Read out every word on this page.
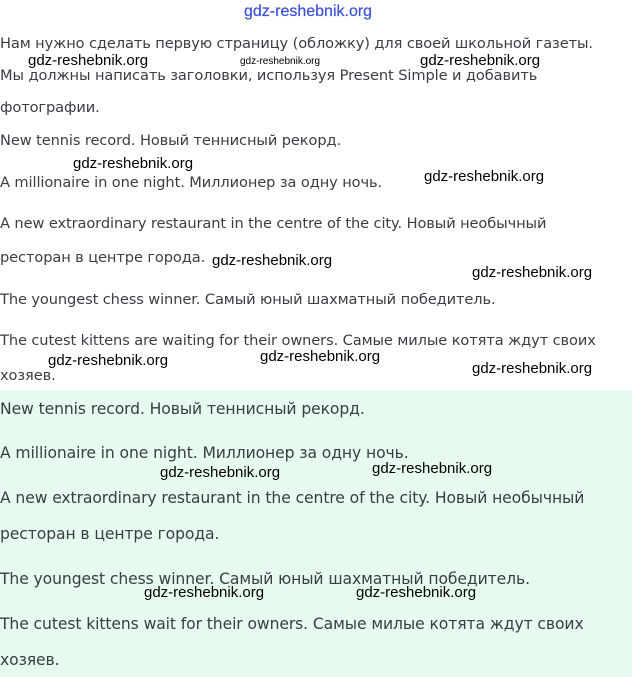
gdz-reshebnik.org
Нам нужно сделать первую страницу (обложку) для своей школьной газеты.
Мы должны написать заголовки, используя Present Simple и добавить
фотографии.
New tennis record. Новый теннисный рекорд.
A millionaire in one night. Миллионер за одну ночь.
A new extraordinary restaurant in the centre of the city. Новый необычный
ресторан в центре города.
The youngest chess winner. Самый юный шахматный победитель.
The cutest kittens are waiting for their owners. Самые милые котята ждут своих
хозяев.
New tennis record. Новый теннисный рекорд.
A millionaire in one night. Миллионер за одну ночь.
A new extraordinary restaurant in the centre of the city. Новый необычный
ресторан в центре города.
The youngest chess winner. Самый юный шахматный победитель.
The cutest kittens wait for their owners. Самые милые котята ждут своих
хозяев.
gdz-reshebnik.org	gdz-reshebnik.org	gdz-reshebnik.org
gdz-reshebnik.org
gdz-reshebnik.org
gdz-reshebnik.org
gdz-reshebnik.org
gdz-reshebnik.org
gdz-reshebnik.org	gdz-reshebnik.org
gdz-reshebnik.org
gdz-reshebnik.org
gdz-reshebnik.org	gdz-reshebnik.org
